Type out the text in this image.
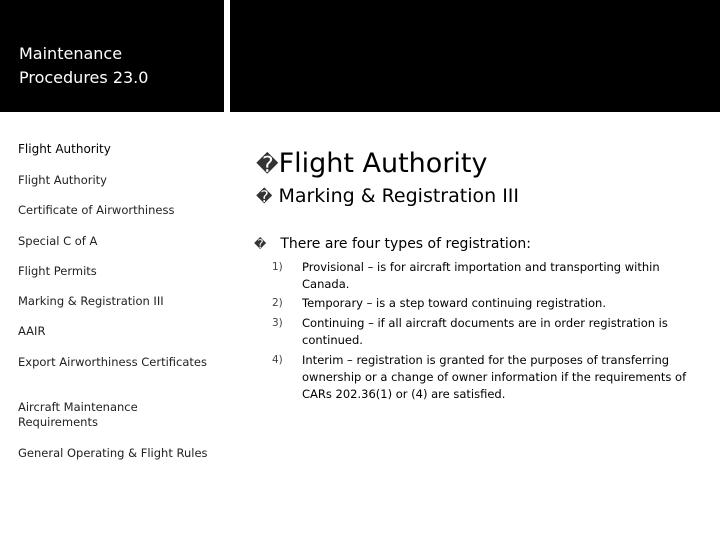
Maintenance
Procedures 23.0
Flight Authority
Flight Authority
Certificate of Airworthiness
Special C of A
Flight Permits
Marking & Registration III
AAIR
Export Airworthiness Certificates
Aircraft Maintenance Requirements
General Operating & Flight Rules
�Flight Authority
� Marking & Registration III
� There are four types of registration:
1)	Provisional – is for aircraft importation and transporting within Canada.
2)	Temporary – is a step toward continuing registration.
3)	Continuing – if all aircraft documents are in order registration is continued.
4)	Interim – registration is granted for the purposes of transferring ownership or a change of owner information if the requirements of CARs 202.36(1) or (4) are satisfied.
